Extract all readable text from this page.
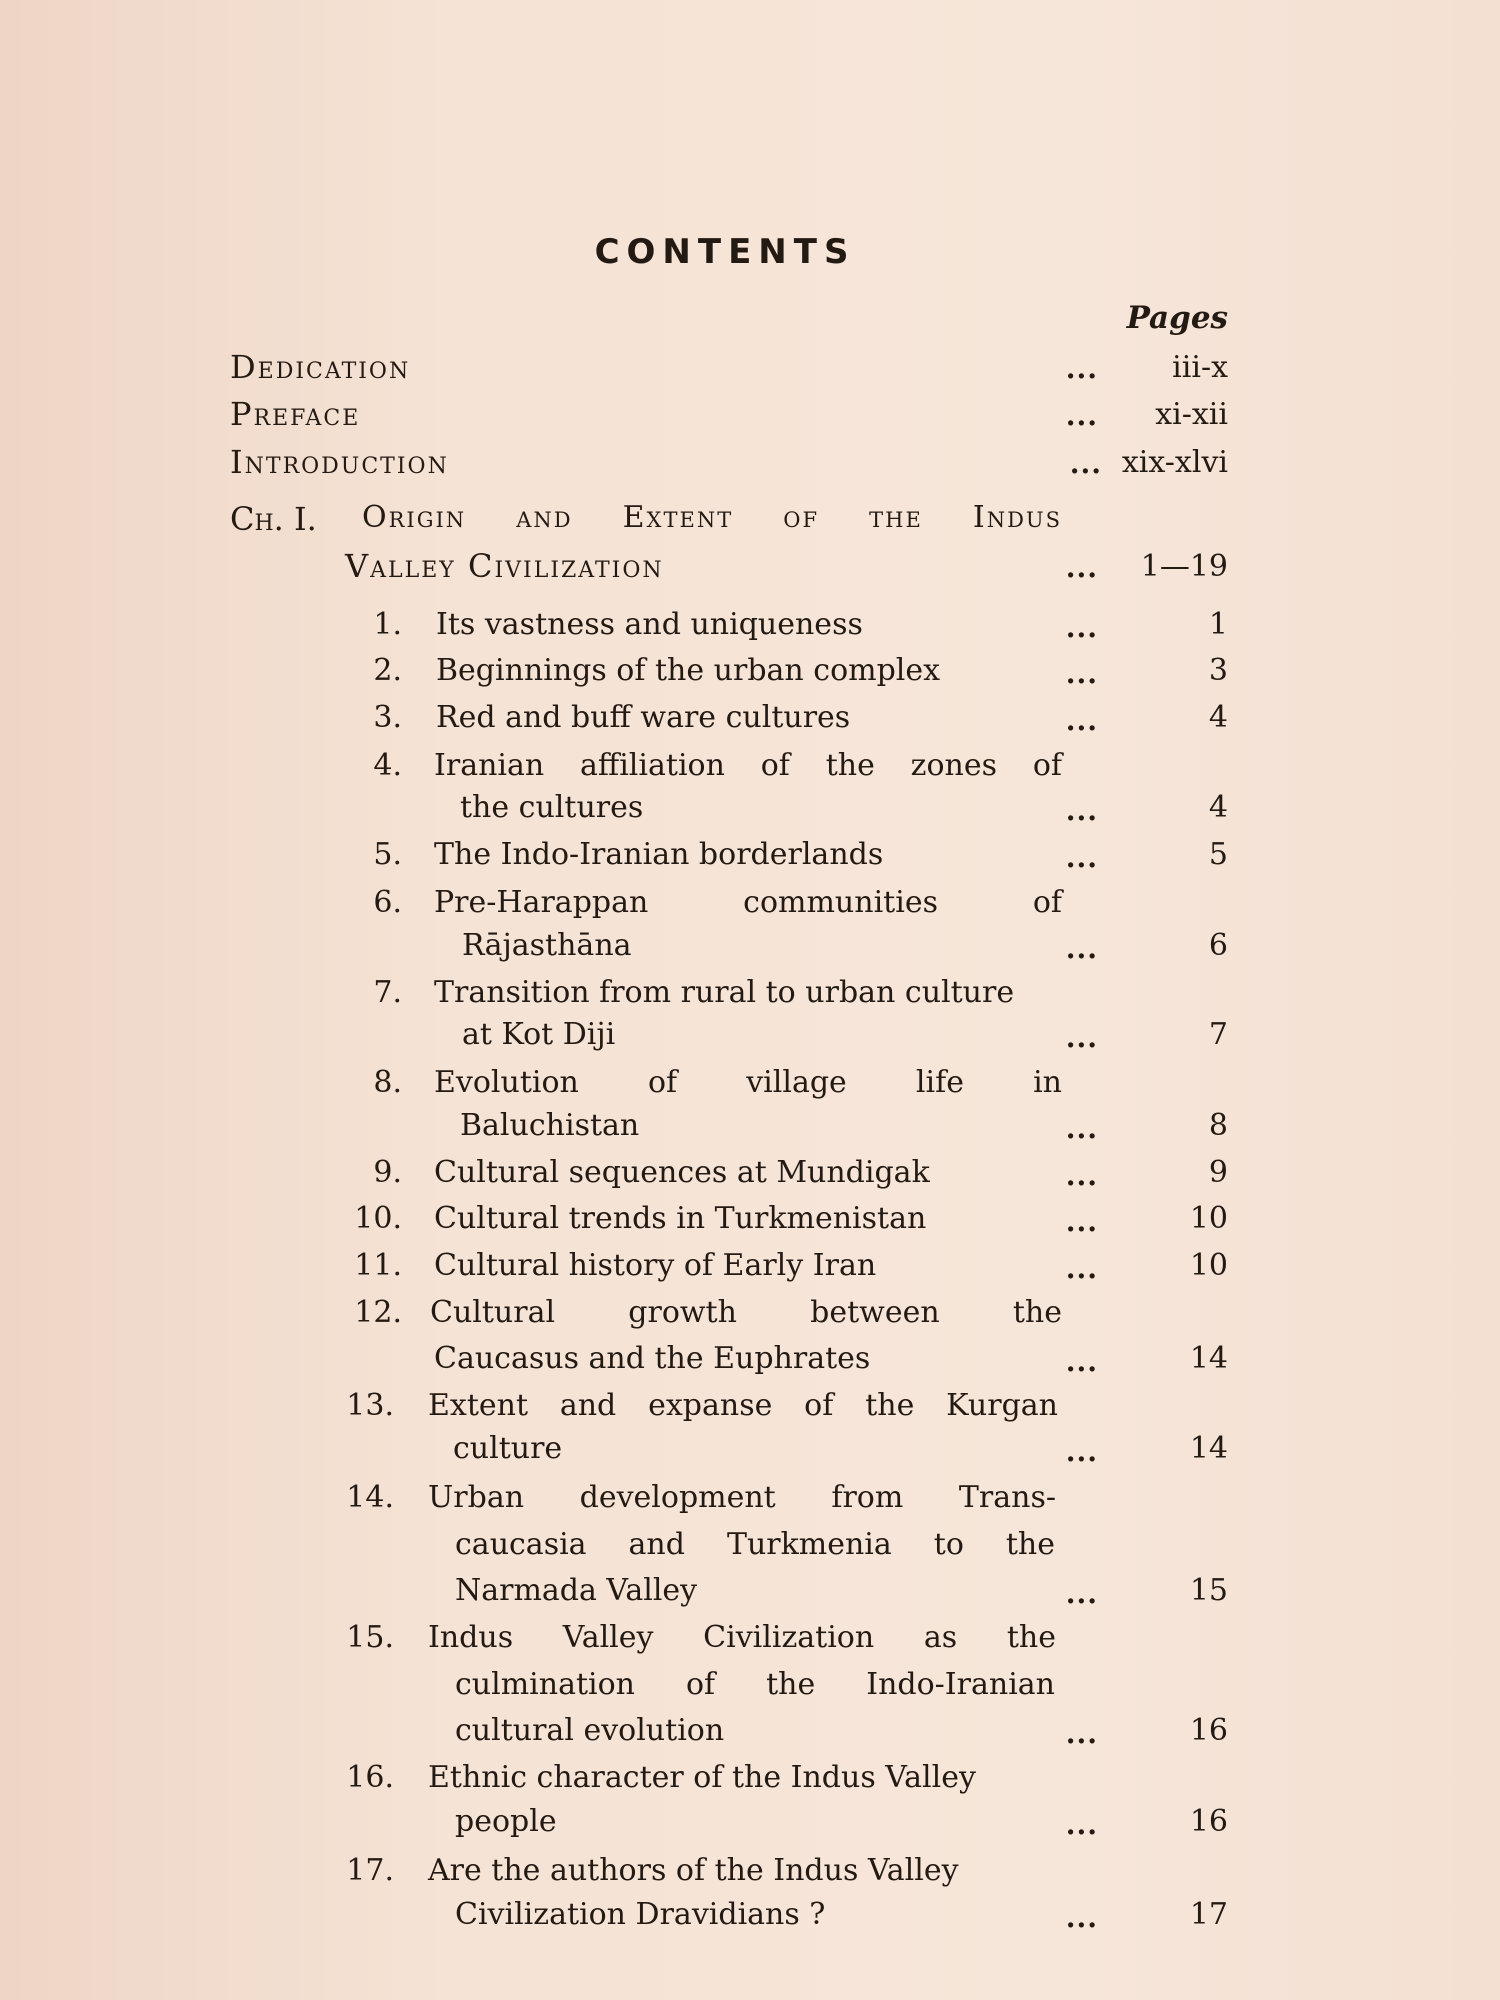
CONTENTS
Pages
Dedication	... iii-x
Preface	... xi-xii
Introduction	... xix-xlvi
Ch. I. Origin and Extent of the Indus
Valley Civilization	... 1—19
1. Its vastness and uniqueness	...	1
2. Beginnings of the urban complex	...	3
3. Red and buff ware cultures	...	4
4. Iranian affiliation of the zones of
the cultures	...	4
5. The Indo-Iranian borderlands	...	5
6. Pre-Harappan communities of
Rājasthāna	...	6
7. Transition from rural to urban culture
at Kot Diji	...	7
8. Evolution of village life in
Baluchistan	...	8
9. Cultural sequences at Mundigak	...	9
10. Cultural trends in Turkmenistan	...	10
11. Cultural history of Early Iran	...	10
12. Cultural growth between the
Caucasus and the Euphrates	...	14
13. Extent and expanse of the Kurgan
culture	...	14
14. Urban development from Trans-
caucasia and Turkmenia to the
Narmada Valley	...	15
15. Indus Valley Civilization as the
culmination of the Indo-Iranian
cultural evolution	...	16
16. Ethnic character of the Indus Valley
people	...	16
17. Are the authors of the Indus Valley
Civilization Dravidians ?	...	17
